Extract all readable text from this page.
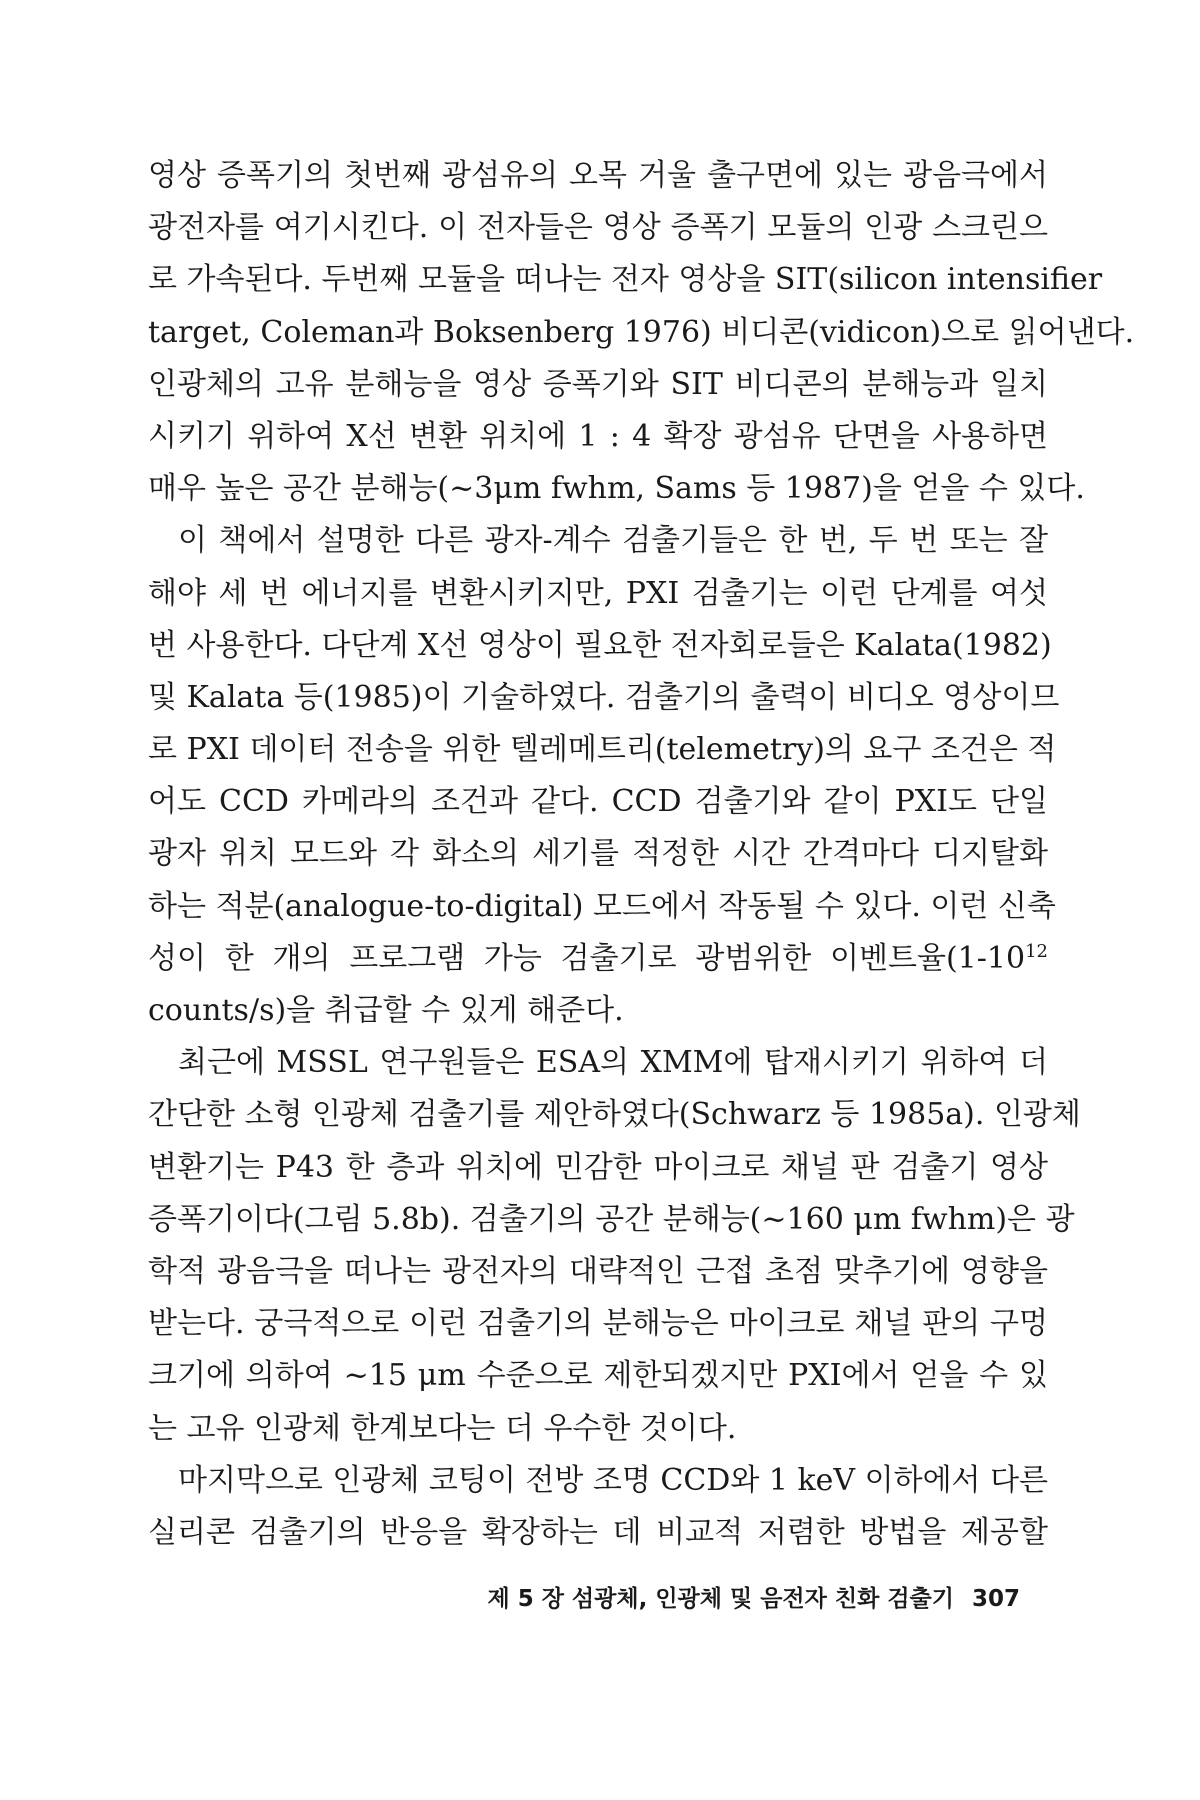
영상 증폭기의 첫번째 광섬유의 오목 거울 출구면에 있는 광음극에서
광전자를 여기시킨다. 이 전자들은 영상 증폭기 모듈의 인광 스크린으
로 가속된다. 두번째 모듈을 떠나는 전자 영상을 SIT(silicon intensifier
target, Coleman과 Boksenberg 1976) 비디콘(vidicon)으로 읽어낸다.
인광체의 고유 분해능을 영상 증폭기와 SIT 비디콘의 분해능과 일치
시키기 위하여 X선 변환 위치에 1 : 4 확장 광섬유 단면을 사용하면
매우 높은 공간 분해능(~3μm fwhm, Sams 등 1987)을 얻을 수 있다.
이 책에서 설명한 다른 광자-계수 검출기들은 한 번, 두 번 또는 잘
해야 세 번 에너지를 변환시키지만, PXI 검출기는 이런 단계를 여섯
번 사용한다. 다단계 X선 영상이 필요한 전자회로들은 Kalata(1982)
및 Kalata 등(1985)이 기술하였다. 검출기의 출력이 비디오 영상이므
로 PXI 데이터 전송을 위한 텔레메트리(telemetry)의 요구 조건은 적
어도 CCD 카메라의 조건과 같다. CCD 검출기와 같이 PXI도 단일
광자 위치 모드와 각 화소의 세기를 적정한 시간 간격마다 디지탈화
하는 적분(analogue-to-digital) 모드에서 작동될 수 있다. 이런 신축
성이 한 개의 프로그램 가능 검출기로 광범위한 이벤트율($1-10^{12}$
counts/s)을 취급할 수 있게 해준다.
최근에 MSSL 연구원들은 ESA의 XMM에 탑재시키기 위하여 더
간단한 소형 인광체 검출기를 제안하였다(Schwarz 등 1985a). 인광체
변환기는 P43 한 층과 위치에 민감한 마이크로 채널 판 검출기 영상
증폭기이다(그림 5.8b). 검출기의 공간 분해능(~160 μm fwhm)은 광
학적 광음극을 떠나는 광전자의 대략적인 근접 초점 맞추기에 영향을
받는다. 궁극적으로 이런 검출기의 분해능은 마이크로 채널 판의 구멍
크기에 의하여 ~15 μm 수준으로 제한되겠지만 PXI에서 얻을 수 있
는 고유 인광체 한계보다는 더 우수한 것이다.
마지막으로 인광체 코팅이 전방 조명 CCD와 1 keV 이하에서 다른
실리콘 검출기의 반응을 확장하는 데 비교적 저렴한 방법을 제공할
제 5 장 섬광체, 인광체 및 음전자 친화 검출기 307
